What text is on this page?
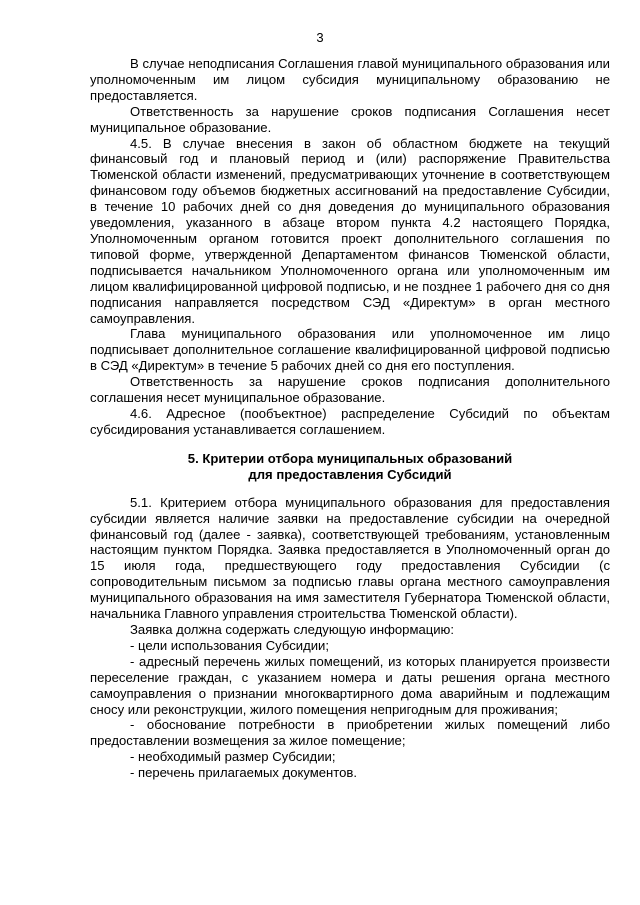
3

В случае неподписания Соглашения главой муниципального образования или уполномоченным им лицом субсидия муниципальному образованию не предоставляется.

Ответственность за нарушение сроков подписания Соглашения несет муниципальное образование.

4.5. В случае внесения в закон об областном бюджете на текущий финансовый год и плановый период и (или) распоряжение Правительства Тюменской области изменений, предусматривающих уточнение в соответствующем финансовом году объемов бюджетных ассигнований на предоставление Субсидии, в течение 10 рабочих дней со дня доведения до муниципального образования уведомления, указанного в абзаце втором пункта 4.2 настоящего Порядка, Уполномоченным органом готовится проект дополнительного соглашения по типовой форме, утвержденной Департаментом финансов Тюменской области, подписывается начальником Уполномоченного органа или уполномоченным им лицом квалифицированной цифровой подписью, и не позднее 1 рабочего дня со дня подписания направляется посредством СЭД «Директум» в орган местного самоуправления.

Глава муниципального образования или уполномоченное им лицо подписывает дополнительное соглашение квалифицированной цифровой подписью в СЭД «Директум» в течение 5 рабочих дней со дня его поступления.

Ответственность за нарушение сроков подписания дополнительного соглашения несет муниципальное образование.

4.6. Адресное (пообъектное) распределение Субсидий по объектам субсидирования устанавливается соглашением.

5. Критерии отбора муниципальных образований
для предоставления Субсидий

5.1. Критерием отбора муниципального образования для предоставления субсидии является наличие заявки на предоставление субсидии на очередной финансовый год (далее - заявка), соответствующей требованиям, установленным настоящим пунктом Порядка. Заявка предоставляется в Уполномоченный орган до 15 июля года, предшествующего году предоставления Субсидии (с сопроводительным письмом за подписью главы органа местного самоуправления муниципального образования на имя заместителя Губернатора Тюменской области, начальника Главного управления строительства Тюменской области).

Заявка должна содержать следующую информацию:

- цели использования Субсидии;

- адресный перечень жилых помещений, из которых планируется произвести переселение граждан, с указанием номера и даты решения органа местного самоуправления о признании многоквартирного дома аварийным и подлежащим сносу или реконструкции, жилого помещения непригодным для проживания;

- обоснование потребности в приобретении жилых помещений либо предоставлении возмещения за жилое помещение;

- необходимый размер Субсидии;

- перечень прилагаемых документов.
